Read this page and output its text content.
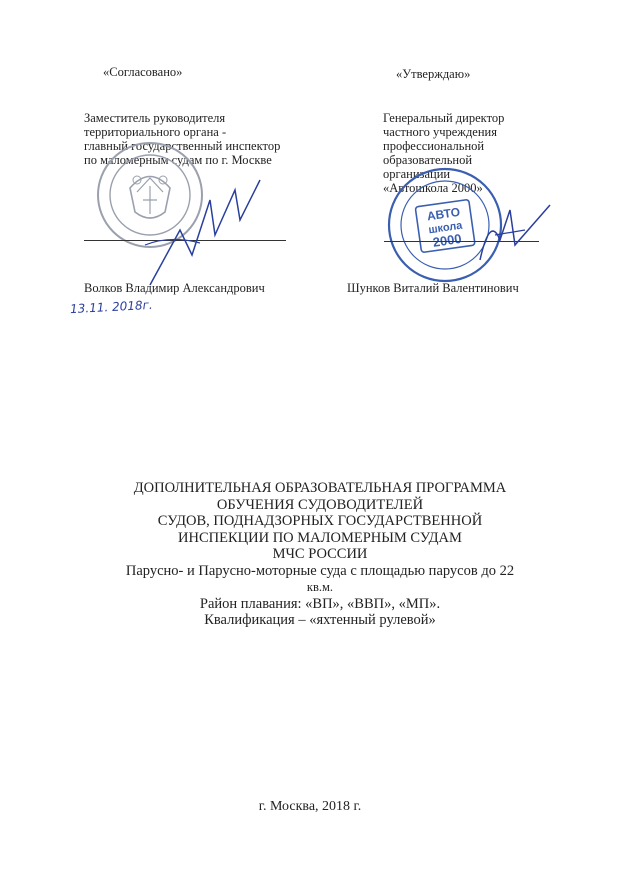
«Согласовано»
Заместитель руководителя
территориального органа -
главный государственный инспектор
по маломерным судам по г. Москве
Волков Владимир Александрович
13.11. 2018г.
«Утверждаю»
Генеральный директор
частного учреждения
профессиональной
образовательной
организации
«Автошкола 2000»
АВТО
школа
2000
Шунков Виталий Валентинович
ДОПОЛНИТЕЛЬНАЯ ОБРАЗОВАТЕЛЬНАЯ ПРОГРАММА
ОБУЧЕНИЯ СУДОВОДИТЕЛЕЙ
СУДОВ, ПОДНАДЗОРНЫХ ГОСУДАРСТВЕННОЙ
ИНСПЕКЦИИ ПО МАЛОМЕРНЫМ СУДАМ
МЧС РОССИИ
Парусно- и Парусно-моторные суда с площадью парусов до 22
кв.м.
Район плавания: «ВП», «ВВП», «МП».
Квалификация – «яхтенный рулевой»
г. Москва, 2018 г.
